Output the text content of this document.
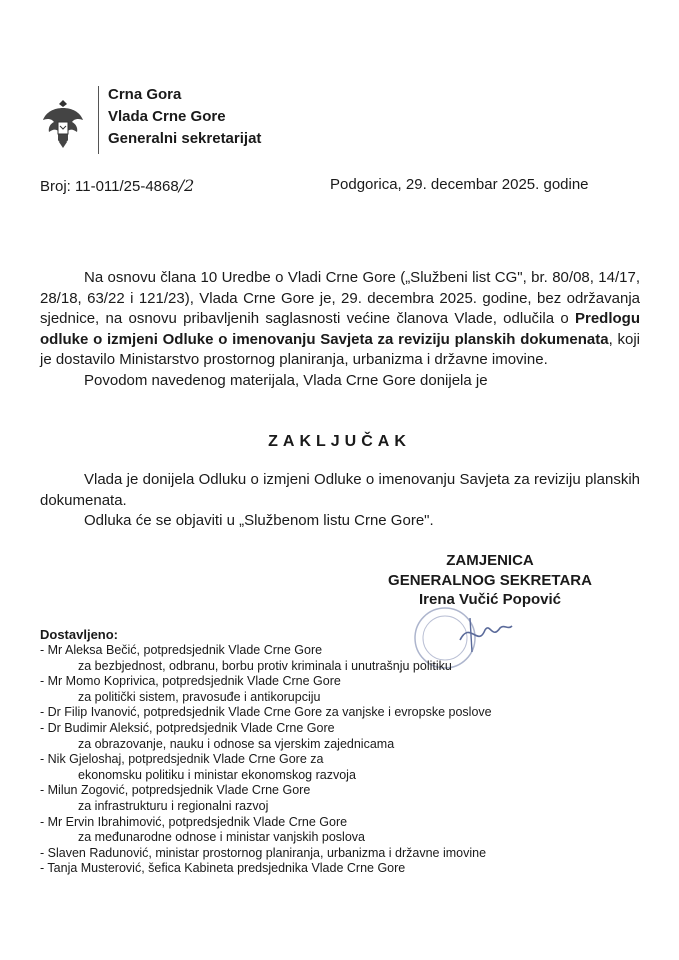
Crna Gora
Vlada Crne Gore
Generalni sekretarijat
Broj: 11-011/25-4868/2	Podgorica, 29. decembar 2025. godine

Na osnovu člana 10 Uredbe o Vladi Crne Gore („Službeni list CG", br. 80/08, 14/17, 28/18, 63/22 i 121/23), Vlada Crne Gore je, 29. decembra 2025. godine, bez održavanja sjednice, na osnovu pribavljenih saglasnosti većine članova Vlade, odlučila o Predlogu odluke o izmjeni Odluke o imenovanju Savjeta za reviziju planskih dokumenata, koji je dostavilo Ministarstvo prostornog planiranja, urbanizma i državne imovine.

Povodom navedenog materijala, Vlada Crne Gore donijela je

ZAKLJUČAK

Vlada je donijela Odluku o izmjeni Odluke o imenovanju Savjeta za reviziju planskih dokumenata.

Odluka će se objaviti u „Službenom listu Crne Gore".

ZAMJENICA
GENERALNOG SEKRETARA
Irena Vučić Popović
Dostavljeno:
- Mr Aleksa Bečić, potpredsjednik Vlade Crne Gore
za bezbjednost, odbranu, borbu protiv kriminala i unutrašnju politiku
- Mr Momo Koprivica, potpredsjednik Vlade Crne Gore
za politički sistem, pravosuđe i antikorupciju
- Dr Filip Ivanović, potpredsjednik Vlade Crne Gore za vanjske i evropske poslove
- Dr Budimir Aleksić, potpredsjednik Vlade Crne Gore
za obrazovanje, nauku i odnose sa vjerskim zajednicama
- Nik Gjeloshaj, potpredsjednik Vlade Crne Gore za
ekonomsku politiku i ministar ekonomskog razvoja
- Milun Zogović, potpredsjednik Vlade Crne Gore
za infrastrukturu i regionalni razvoj
- Mr Ervin Ibrahimović, potpredsjednik Vlade Crne Gore
za međunarodne odnose i ministar vanjskih poslova
- Slaven Radunović, ministar prostornog planiranja, urbanizma i državne imovine
- Tanja Musterović, šefica Kabineta predsjednika Vlade Crne Gore
